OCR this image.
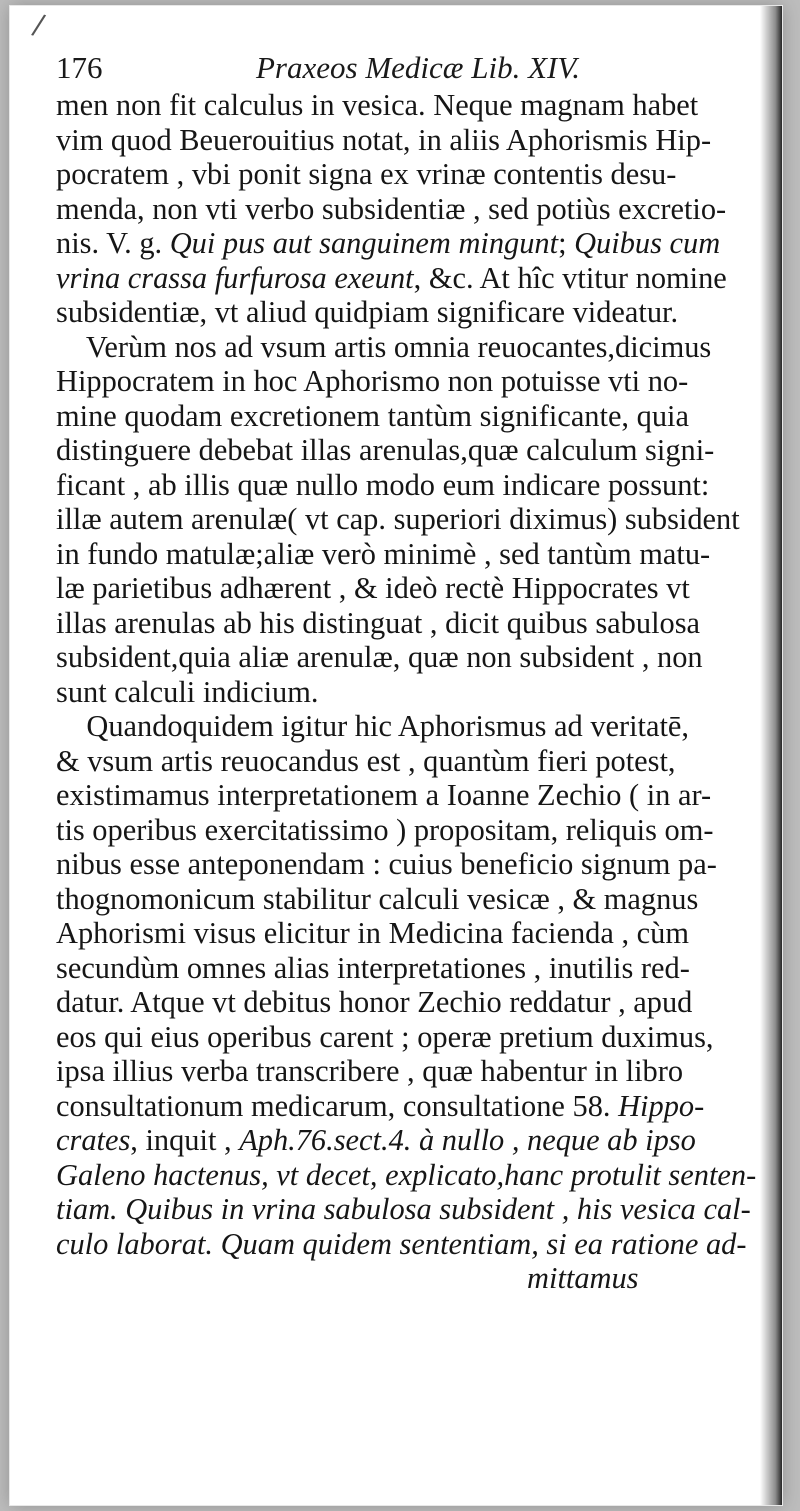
/
176	Praxeos Medicæ Lib. XIV.
men non fit calculus in vesica. Neque magnam habet
vim quod Beuerouitius notat, in aliis Aphorismis Hip-
pocratem , vbi ponit signa ex vrinæ contentis desu-
menda, non vti verbo subsidentiæ , sed potiùs excretio-
nis. V. g. Qui pus aut sanguinem mingunt; Quibus cum
vrina crassa furfurosa exeunt, &c. At hîc vtitur nomine
subsidentiæ, vt aliud quidpiam significare videatur.
Verùm nos ad vsum artis omnia reuocantes,dicimus
Hippocratem in hoc Aphorismo non potuisse vti no-
mine quodam excretionem tantùm significante, quia
distinguere debebat illas arenulas,quæ calculum signi-
ficant , ab illis quæ nullo modo eum indicare possunt:
illæ autem arenulæ( vt cap. superiori diximus) subsident
in fundo matulæ;aliæ verò minimè , sed tantùm matu-
læ parietibus adhærent , & ideò rectè Hippocrates vt
illas arenulas ab his distinguat , dicit quibus sabulosa
subsident,quia aliæ arenulæ, quæ non subsident , non
sunt calculi indicium.
Quandoquidem igitur hic Aphorismus ad veritatē,
& vsum artis reuocandus est , quantùm fieri potest,
existimamus interpretationem a Ioanne Zechio ( in ar-
tis operibus exercitatissimo ) propositam, reliquis om-
nibus esse anteponendam : cuius beneficio signum pa-
thognomonicum stabilitur calculi vesicæ , & magnus
Aphorismi visus elicitur in Medicina facienda , cùm
secundùm omnes alias interpretationes , inutilis red-
datur. Atque vt debitus honor Zechio reddatur , apud
eos qui eius operibus carent ; operæ pretium duximus,
ipsa illius verba transcribere , quæ habentur in libro
consultationum medicarum, consultatione 58. Hippo-
crates, inquit , Aph.76.sect.4. à nullo , neque ab ipso
Galeno hactenus, vt decet, explicato,hanc protulit senten-
tiam. Quibus in vrina sabulosa subsident , his vesica cal-
culo laborat. Quam quidem sententiam, si ea ratione ad-
mittamus
